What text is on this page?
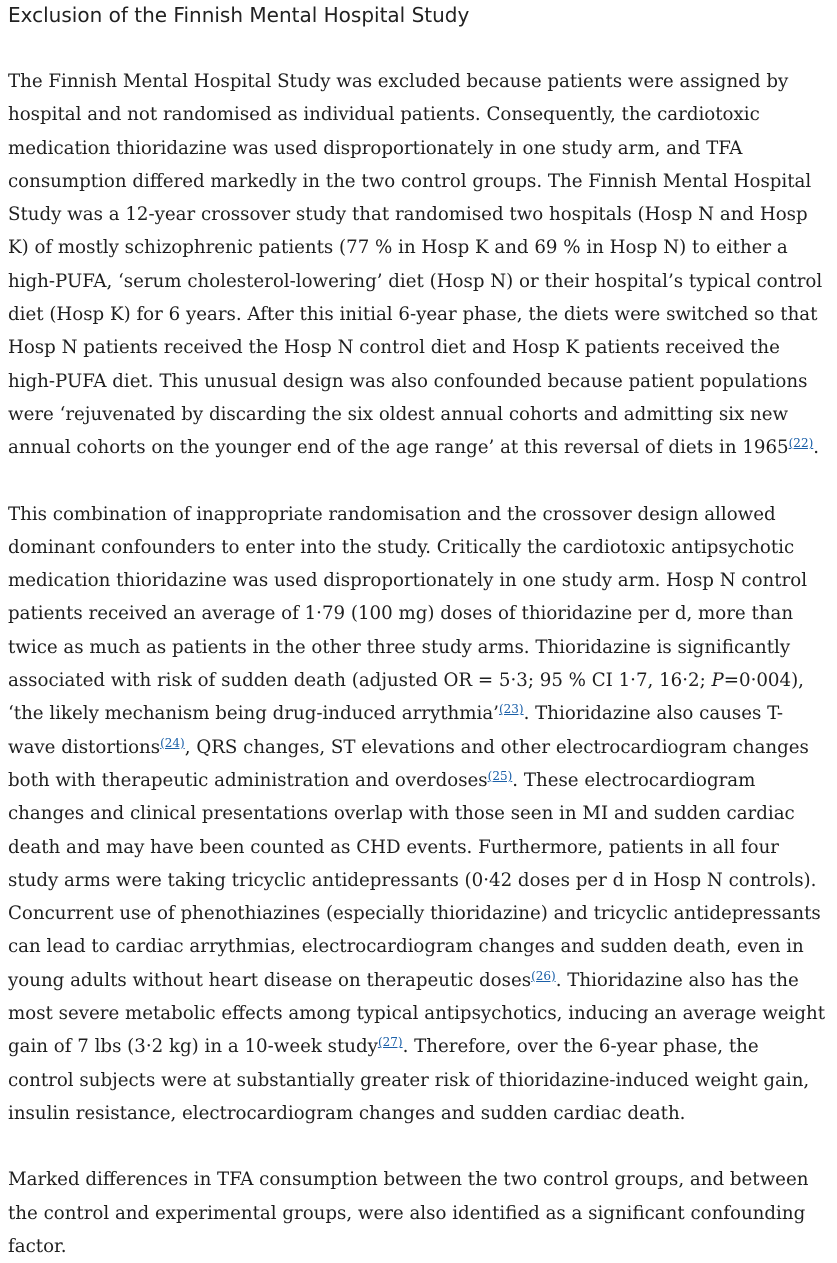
Exclusion of the Finnish Mental Hospital Study

The Finnish Mental Hospital Study was excluded because patients were assigned by hospital and not randomised as individual patients. Consequently, the cardiotoxic medication thioridazine was used disproportionately in one study arm, and TFA consumption differed markedly in the two control groups. The Finnish Mental Hospital Study was a 12-year crossover study that randomised two hospitals (Hosp N and Hosp K) of mostly schizophrenic patients (77 % in Hosp K and 69 % in Hosp N) to either a high-PUFA, ‘serum cholesterol-lowering’ diet (Hosp N) or their hospital’s typical control diet (Hosp K) for 6 years. After this initial 6-year phase, the diets were switched so that Hosp N patients received the Hosp N control diet and Hosp K patients received the high-PUFA diet. This unusual design was also confounded because patient populations were ‘rejuvenated by discarding the six oldest annual cohorts and admitting six new annual cohorts on the younger end of the age range’ at this reversal of diets in 1965$^{(22)}$.

This combination of inappropriate randomisation and the crossover design allowed dominant confounders to enter into the study. Critically the cardiotoxic antipsychotic medication thioridazine was used disproportionately in one study arm. Hosp N control patients received an average of 1·79 (100 mg) doses of thioridazine per d, more than twice as much as patients in the other three study arms. Thioridazine is significantly associated with risk of sudden death (adjusted OR = 5·3; 95 % CI 1·7, 16·2; P=0·004), ‘the likely mechanism being drug-induced arrythmia’$^{(23)}$. Thioridazine also causes T-wave distortions$^{(24)}$, QRS changes, ST elevations and other electrocardiogram changes both with therapeutic administration and overdoses$^{(25)}$. These electrocardiogram changes and clinical presentations overlap with those seen in MI and sudden cardiac death and may have been counted as CHD events. Furthermore, patients in all four study arms were taking tricyclic antidepressants (0·42 doses per d in Hosp N controls). Concurrent use of phenothiazines (especially thioridazine) and tricyclic antidepressants can lead to cardiac arrythmias, electrocardiogram changes and sudden death, even in young adults without heart disease on therapeutic doses$^{(26)}$. Thioridazine also has the most severe metabolic effects among typical antipsychotics, inducing an average weight gain of 7 lbs (3·2 kg) in a 10-week study$^{(27)}$. Therefore, over the 6-year phase, the control subjects were at substantially greater risk of thioridazine-induced weight gain, insulin resistance, electrocardiogram changes and sudden cardiac death.

Marked differences in TFA consumption between the two control groups, and between the control and experimental groups, were also identified as a significant confounding factor.
